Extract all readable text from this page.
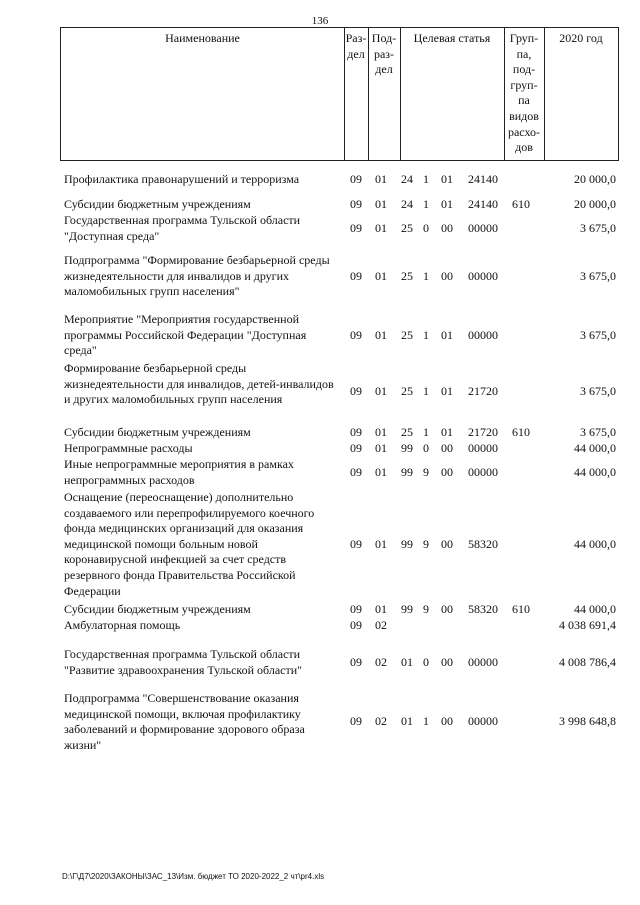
136
Наименование	Раз-
дел
Под-
раз-
дел
Целевая статья	Груп-
па,
под-
груп-
па
видов
расхо-
дов
2020 год
Профилактика правонарушений и терроризма	09 01 24 1 01	24140	20 000,0
Субсидии бюджетным учреждениям	09 01 24 1 01	24140	610	20 000,0
Государственная программа Тульской области "Доступная среда"
09 01 25 0 00	00000	3 675,0
Подпрограмма "Формирование безбарьерной среды жизнедеятельности для инвалидов и других маломобильных групп населения"
09 01 25 1 00	00000	3 675,0
Мероприятие "Мероприятия государственной программы Российской Федерации "Доступная среда"
09 01 25 1 01	00000	3 675,0
Формирование безбарьерной среды жизнедеятельности для инвалидов, детей-инвалидов и других маломобильных групп населения
09 01 25 1 01	21720	3 675,0
Субсидии бюджетным учреждениям	09 01 25 1 01	21720	610	3 675,0
Непрограммные расходы	09 01 99 0 00	00000	44 000,0
Иные непрограммные мероприятия в рамках непрограммных расходов
09 01 99 9 00	00000	44 000,0
Оснащение (переоснащение) дополнительно создаваемого или перепрофилируемого коечного фонда медицинских организаций для оказания медицинской помощи больным новой коронавирусной инфекцией за счет средств резервного фонда Правительства Российской Федерации
09 01 99 9 00	58320	44 000,0
Субсидии бюджетным учреждениям	09 01 99 9 00	58320	610	44 000,0
Амбулаторная помощь	09 02	4 038 691,4
Государственная программа Тульской области "Развитие здравоохранения Тульской области"
09 02 01 0 00	00000	4 008 786,4
Подпрограмма "Совершенствование оказания медицинской помощи, включая профилактику заболеваний и формирование здорового образа жизни"
09 02 01 1 00	00000	3 998 648,8
D:\Г\Д7\2020\ЗАКОНЫ\ЗАС_13\Изм. бюджет ТО 2020-2022_2 чт\pr4.xls
